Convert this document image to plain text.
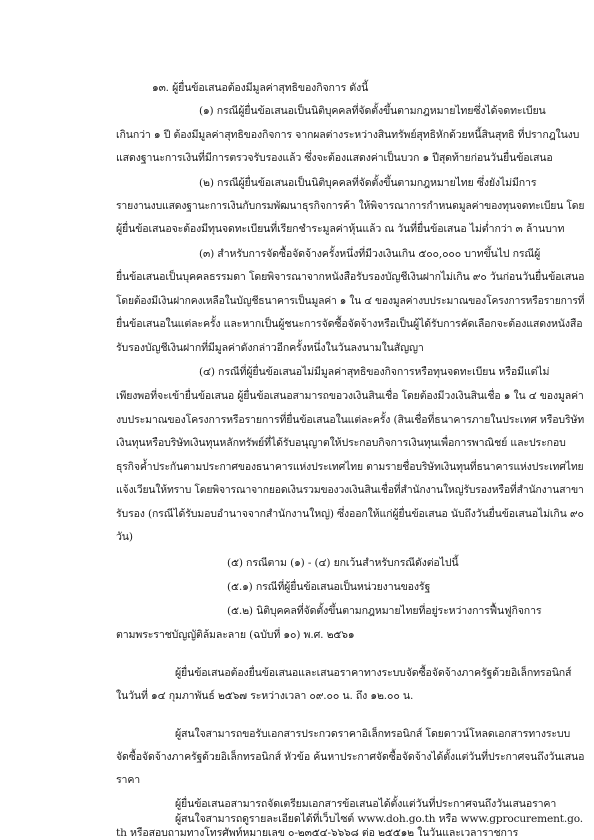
๑๓. ผู้ยื่นข้อเสนอต้องมีมูลค่าสุทธิของกิจการ ดังนี้
(๑) กรณีผู้ยื่นข้อเสนอเป็นนิติบุคคลที่จัดตั้งขึ้นตามกฎหมายไทยซึ่งได้จดทะเบียน
เกินกว่า ๑ ปี ต้องมีมูลค่าสุทธิของกิจการ จากผลต่างระหว่างสินทรัพย์สุทธิหักด้วยหนี้สินสุทธิ ที่ปรากฎในงบ
แสดงฐานะการเงินที่มีการตรวจรับรองแล้ว ซึ่งจะต้องแสดงค่าเป็นบวก ๑ ปีสุดท้ายก่อนวันยื่นข้อเสนอ
(๒) กรณีผู้ยื่นข้อเสนอเป็นนิติบุคคลที่จัดตั้งขึ้นตามกฎหมายไทย ซึ่งยังไม่มีการ
รายงานงบแสดงฐานะการเงินกับกรมพัฒนาธุรกิจการค้า ให้พิจารณาการกำหนดมูลค่าของทุนจดทะเบียน โดย
ผู้ยื่นข้อเสนอจะต้องมีทุนจดทะเบียนที่เรียกชำระมูลค่าหุ้นแล้ว ณ วันที่ยื่นข้อเสนอ ไม่ต่ำกว่า ๓ ล้านบาท
(๓) สำหรับการจัดซื้อจัดจ้างครั้งหนึ่งที่มีวงเงินเกิน ๕๐๐,๐๐๐ บาทขึ้นไป กรณีผู้
ยื่นข้อเสนอเป็นบุคคลธรรมดา โดยพิจารณาจากหนังสือรับรองบัญชีเงินฝากไม่เกิน ๙๐ วันก่อนวันยื่นข้อเสนอ
โดยต้องมีเงินฝากคงเหลือในบัญชีธนาคารเป็นมูลค่า ๑ ใน ๔ ของมูลค่างบประมาณของโครงการหรือรายการที่
ยื่นข้อเสนอในแต่ละครั้ง และหากเป็นผู้ชนะการจัดซื้อจัดจ้างหรือเป็นผู้ได้รับการคัดเลือกจะต้องแสดงหนังสือ
รับรองบัญชีเงินฝากที่มีมูลค่าดังกล่าวอีกครั้งหนึ่งในวันลงนามในสัญญา
(๔) กรณีที่ผู้ยื่นข้อเสนอไม่มีมูลค่าสุทธิของกิจการหรือทุนจดทะเบียน หรือมีแต่ไม่
เพียงพอที่จะเข้ายื่นข้อเสนอ ผู้ยื่นข้อเสนอสามารถขอวงเงินสินเชื่อ โดยต้องมีวงเงินสินเชื่อ ๑ ใน ๔ ของมูลค่า
งบประมาณของโครงการหรือรายการที่ยื่นข้อเสนอในแต่ละครั้ง (สินเชื่อที่ธนาคารภายในประเทศ หรือบริษัท
เงินทุนหรือบริษัทเงินทุนหลักทรัพย์ที่ได้รับอนุญาตให้ประกอบกิจการเงินทุนเพื่อการพาณิชย์ และประกอบ
ธุรกิจค้ำประกันตามประกาศของธนาคารแห่งประเทศไทย ตามรายชื่อบริษัทเงินทุนที่ธนาคารแห่งประเทศไทย
แจ้งเวียนให้ทราบ โดยพิจารณาจากยอดเงินรวมของวงเงินสินเชื่อที่สำนักงานใหญ่รับรองหรือที่สำนักงานสาขา
รับรอง (กรณีได้รับมอบอำนาจจากสำนักงานใหญ่) ซึ่งออกให้แก่ผู้ยื่นข้อเสนอ นับถึงวันยื่นข้อเสนอไม่เกิน ๙๐
วัน)
(๕) กรณีตาม (๑) - (๔) ยกเว้นสำหรับกรณีดังต่อไปนี้
(๕.๑) กรณีที่ผู้ยื่นข้อเสนอเป็นหน่วยงานของรัฐ
(๕.๒) นิติบุคคลที่จัดตั้งขึ้นตามกฎหมายไทยที่อยู่ระหว่างการฟื้นฟูกิจการ
ตามพระราชบัญญัติล้มละลาย (ฉบับที่ ๑๐) พ.ศ. ๒๕๖๑
ผู้ยื่นข้อเสนอต้องยื่นข้อเสนอและเสนอราคาทางระบบจัดซื้อจัดจ้างภาครัฐด้วยอิเล็กทรอนิกส์
ในวันที่ ๑๔ กุมภาพันธ์ ๒๕๖๗ ระหว่างเวลา ๐๙.๐๐ น. ถึง ๑๒.๐๐ น.
ผู้สนใจสามารถขอรับเอกสารประกวดราคาอิเล็กทรอนิกส์ โดยดาวน์โหลดเอกสารทางระบบ
จัดซื้อจัดจ้างภาครัฐด้วยอิเล็กทรอนิกส์ หัวข้อ ค้นหาประกาศจัดซื้อจัดจ้างได้ตั้งแต่วันที่ประกาศจนถึงวันเสนอ
ราคา
ผู้ยื่นข้อเสนอสามารถจัดเตรียมเอกสารข้อเสนอได้ตั้งแต่วันที่ประกาศจนถึงวันเสนอราคา
ผู้สนใจสามารถดูรายละเอียดได้ที่เว็บไซต์ www.doh.go.th หรือ www.gprocurement.go.
th หรือสอบถามทางโทรศัพท์หมายเลข ๐-๒๓๕๔-๖๖๖๘ ต่อ ๒๕๕๑๒ ในวันและเวลาราชการ
